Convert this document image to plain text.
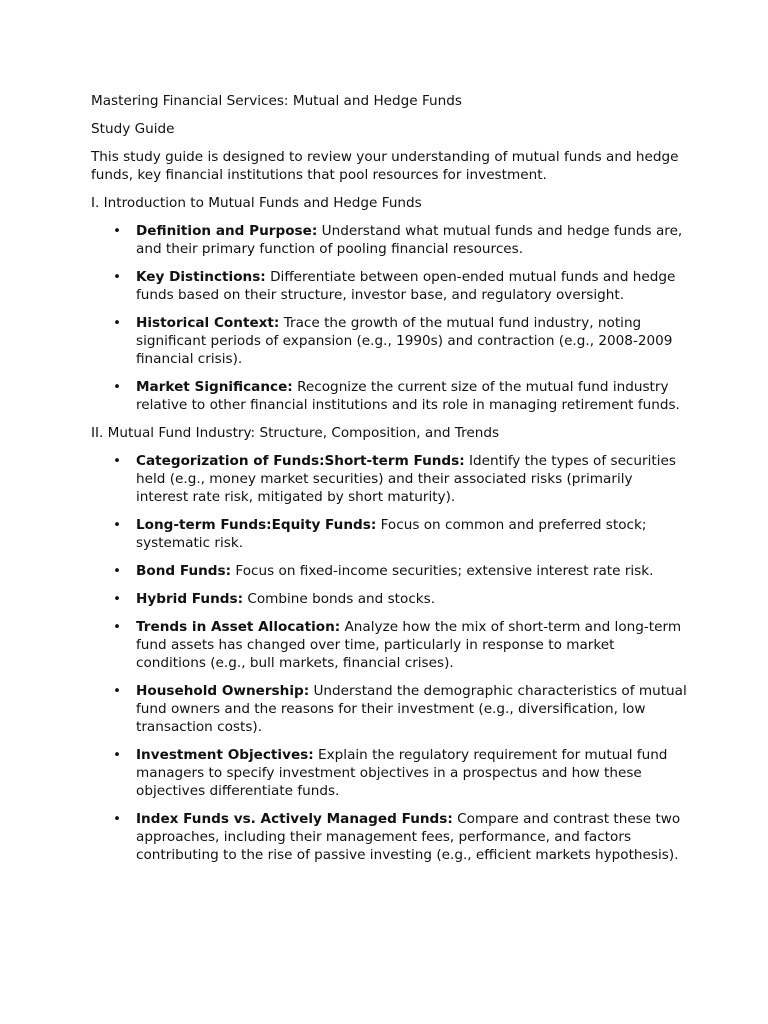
Mastering Financial Services: Mutual and Hedge Funds

Study Guide

This study guide is designed to review your understanding of mutual funds and hedge funds, key financial institutions that pool resources for investment.

I. Introduction to Mutual Funds and Hedge Funds

• Definition and Purpose: Understand what mutual funds and hedge funds are, and their primary function of pooling financial resources.
• Key Distinctions: Differentiate between open-ended mutual funds and hedge funds based on their structure, investor base, and regulatory oversight.
• Historical Context: Trace the growth of the mutual fund industry, noting significant periods of expansion (e.g., 1990s) and contraction (e.g., 2008-2009 financial crisis).
• Market Significance: Recognize the current size of the mutual fund industry relative to other financial institutions and its role in managing retirement funds.

II. Mutual Fund Industry: Structure, Composition, and Trends

• Categorization of Funds:Short-term Funds: Identify the types of securities held (e.g., money market securities) and their associated risks (primarily interest rate risk, mitigated by short maturity).
• Long-term Funds:Equity Funds: Focus on common and preferred stock; systematic risk.
• Bond Funds: Focus on fixed-income securities; extensive interest rate risk.
• Hybrid Funds: Combine bonds and stocks.
• Trends in Asset Allocation: Analyze how the mix of short-term and long-term fund assets has changed over time, particularly in response to market conditions (e.g., bull markets, financial crises).
• Household Ownership: Understand the demographic characteristics of mutual fund owners and the reasons for their investment (e.g., diversification, low transaction costs).
• Investment Objectives: Explain the regulatory requirement for mutual fund managers to specify investment objectives in a prospectus and how these objectives differentiate funds.
• Index Funds vs. Actively Managed Funds: Compare and contrast these two approaches, including their management fees, performance, and factors contributing to the rise of passive investing (e.g., efficient markets hypothesis).
